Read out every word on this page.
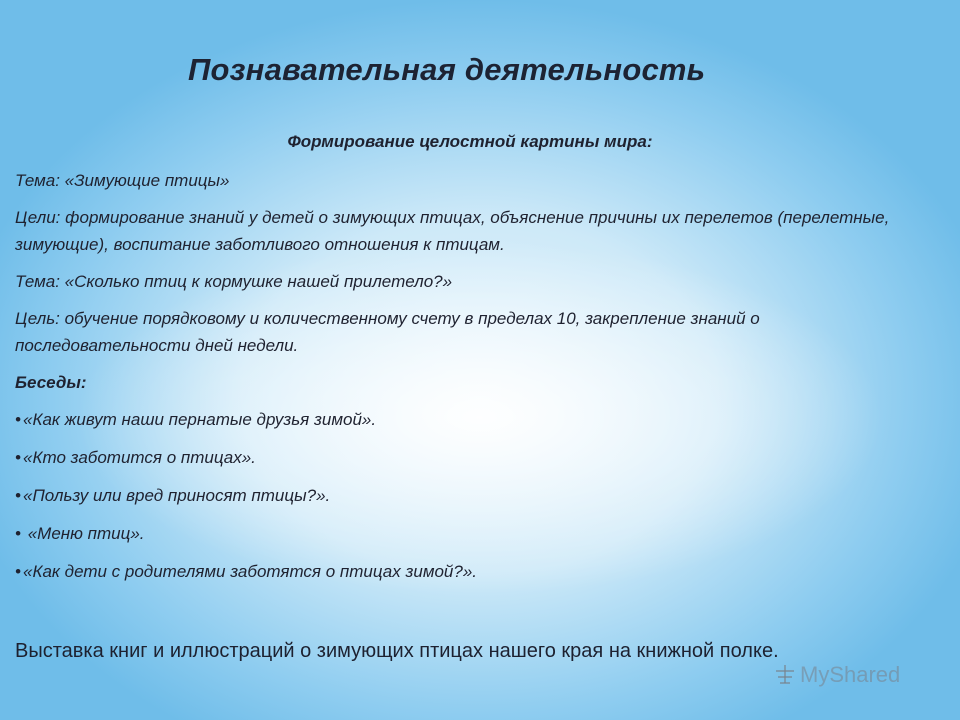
Познавательная деятельность

Формирование целостной картины мира:

Тема: «Зимующие птицы»

Цели: формирование знаний у детей о зимующих птицах, объяснение причины их перелетов (перелетные, зимующие), воспитание заботливого отношения к птицам.

Тема: «Сколько птиц к кормушке нашей прилетело?»

Цель: обучение порядковому и количественному счету в пределах 10, закрепление знаний о последовательности дней недели.

Беседы:

• «Как живут наши пернатые друзья зимой».
• «Кто заботится о птицах».
• «Пользу или вред приносят птицы?».
• «Меню птиц».
• «Как дети с родителями заботятся о птицах зимой?».
Выставка книг и иллюстраций о зимующих птицах нашего края на книжной полке.
MyShared
